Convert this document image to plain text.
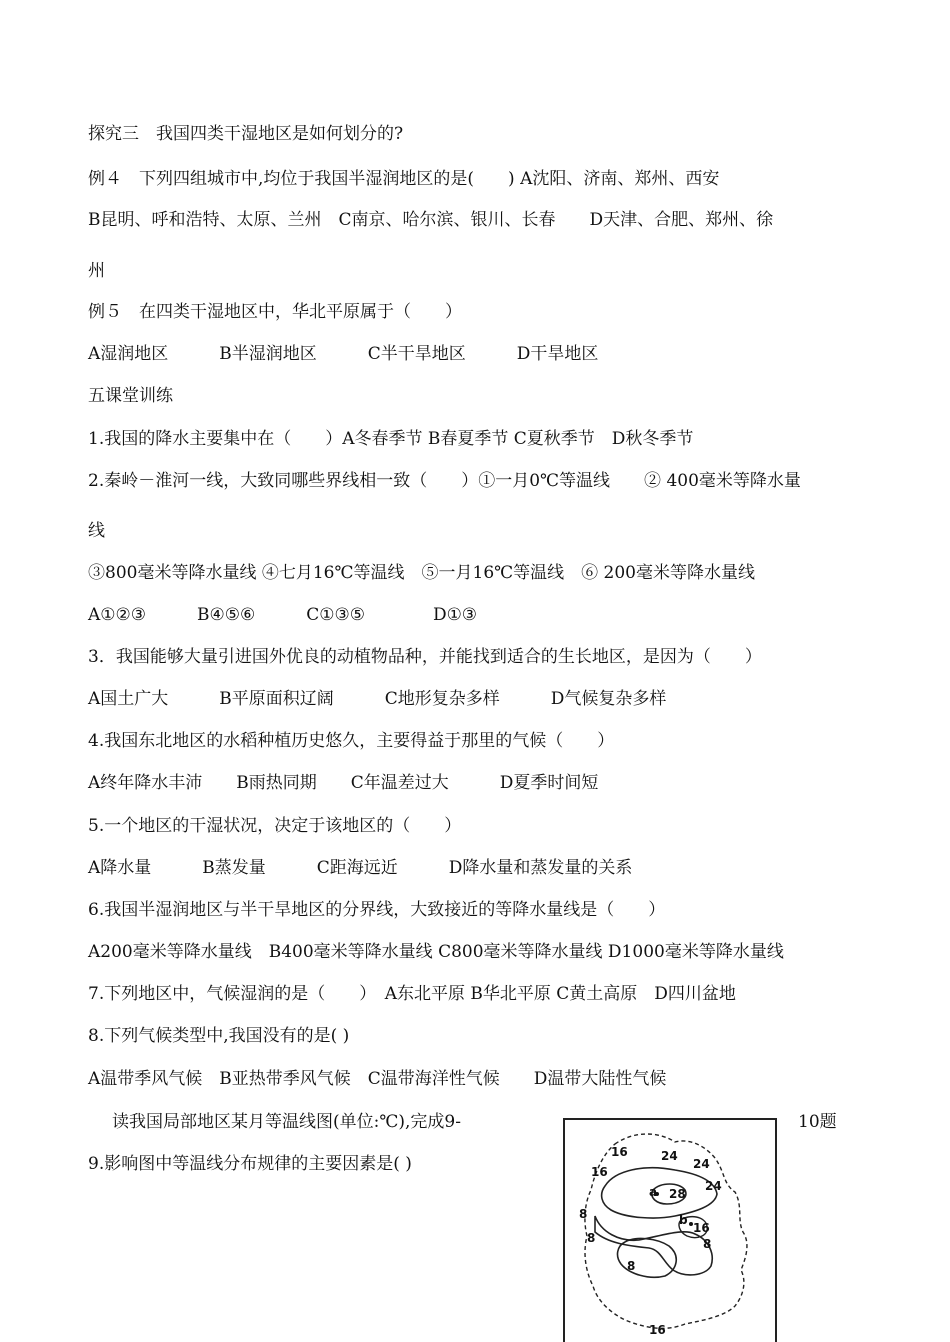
探究三　我国四类干湿地区是如何划分的?
例４　下列四组城市中,均位于我国半湿润地区的是(　　) A沈阳、济南、郑州、西安
B昆明、呼和浩特、太原、兰州　C南京、哈尔滨、银川、长春　　D天津、合肥、郑州、徐
州
例５　在四类干湿地区中，华北平原属于（　　）
A湿润地区　　　B半湿润地区　　　C半干旱地区　　　D干旱地区
五课堂训练
1.我国的降水主要集中在（　　）A冬春季节 B春夏季节 C夏秋季节　D秋冬季节
2.秦岭－淮河一线，大致同哪些界线相一致（　　）①一月0℃等温线　　② 400毫米等降水量
线
③800毫米等降水量线 ④七月16℃等温线　⑤一月16℃等温线　⑥ 200毫米等降水量线
A①②③　　　B④⑤⑥　　　C①③⑤　　　　D①③
3．我国能够大量引进国外优良的动植物品种，并能找到适合的生长地区，是因为（　　）
A国土广大　　　B平原面积辽阔　　　C地形复杂多样　　　D气候复杂多样
4.我国东北地区的水稻种植历史悠久，主要得益于那里的气候（　　）
A终年降水丰沛　　B雨热同期　　C年温差过大　　　D夏季时间短
5.一个地区的干湿状况，决定于该地区的（　　）
A降水量　　　B蒸发量　　　C距海远近　　　D降水量和蒸发量的关系
6.我国半湿润地区与半干旱地区的分界线，大致接近的等降水量线是（　　）
A200毫米等降水量线　B400毫米等降水量线 C800毫米等降水量线 D1000毫米等降水量线
7.下列地区中，气候湿润的是（　　）　A东北平原 B华北平原 C黄土高原　D四川盆地
8.下列气候类型中,我国没有的是( )
A温带季风气候　B亚热带季风气候　C温带海洋性气候　　D温带大陆性气候
读我国局部地区某月等温线图(单位:℃),完成9-	10题
9.影响图中等温线分布规律的主要因素是( )
16	24
24
16
a 28
24
8	b
16
8	8
8
16
